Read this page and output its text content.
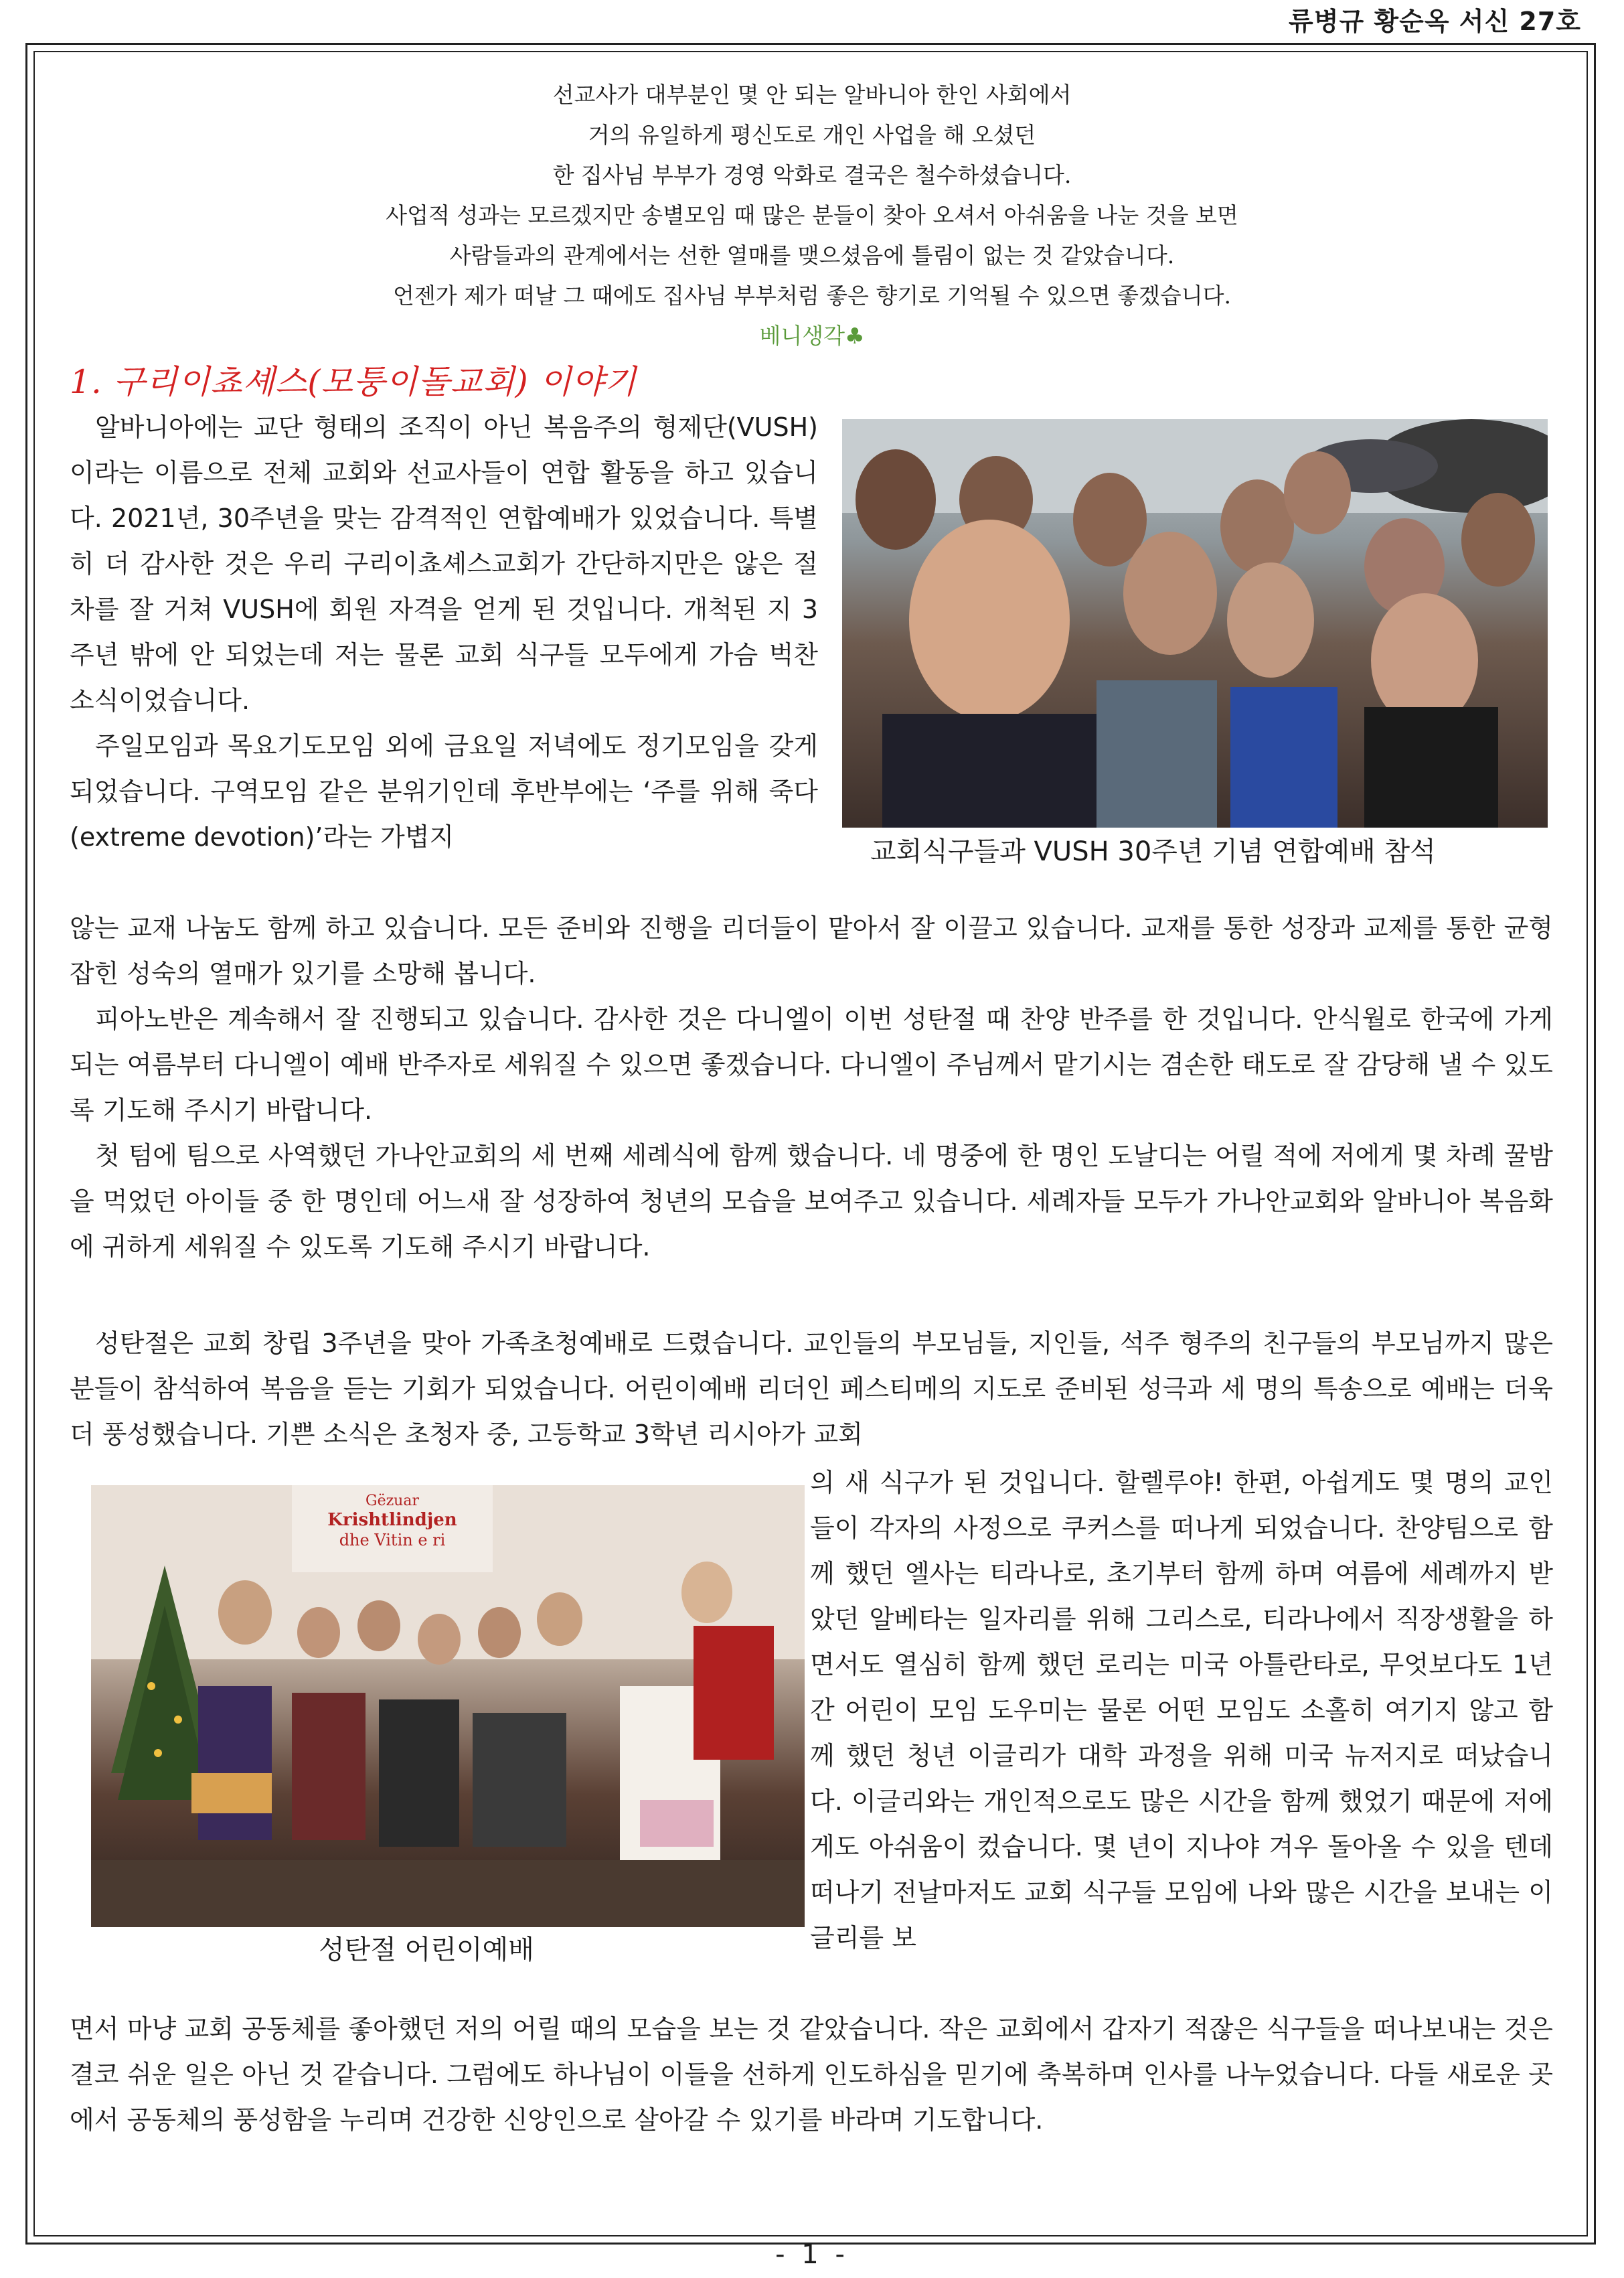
류병규 황순옥 서신 27호

선교사가 대부분인 몇 안 되는 알바니아 한인 사회에서

거의 유일하게 평신도로 개인 사업을 해 오셨던

한 집사님 부부가 경영 악화로 결국은 철수하셨습니다.

사업적 성과는 모르겠지만 송별모임 때 많은 분들이 찾아 오셔서 아쉬움을 나눈 것을 보면

사람들과의 관계에서는 선한 열매를 맺으셨음에 틀림이 없는 것 같았습니다.

언젠가 제가 떠날 그 때에도 집사님 부부처럼 좋은 향기로 기억될 수 있으면 좋겠습니다.

베니생각♣

1. 구리이쵸셰스(모퉁이돌교회) 이야기

알바니아에는 교단 형태의 조직이 아닌 복음주의 형제단(VUSH)이라는 이름으로 전체 교회와 선교사들이 연합 활동을 하고 있습니다. 2021년, 30주년을 맞는 감격적인 연합예배가 있었습니다. 특별히 더 감사한 것은 우리 구리이쵸셰스교회가 간단하지만은 않은 절차를 잘 거쳐 VUSH에 회원 자격을 얻게 된 것입니다. 개척된 지 3주년 밖에 안 되었는데 저는 물론 교회 식구들 모두에게 가슴 벅찬 소식이었습니다.

주일모임과 목요기도모임 외에 금요일 저녁에도 정기모임을 갖게 되었습니다. 구역모임 같은 분위기인데 후반부에는 ‘주를 위해 죽다(extreme devotion)’라는 가볍지	교회식구들과 VUSH 30주년 기념 연합예배 참석

않는 교재 나눔도 함께 하고 있습니다. 모든 준비와 진행을 리더들이 맡아서 잘 이끌고 있습니다. 교재를 통한 성장과 교제를 통한 균형 잡힌 성숙의 열매가 있기를 소망해 봅니다.

피아노반은 계속해서 잘 진행되고 있습니다. 감사한 것은 다니엘이 이번 성탄절 때 찬양 반주를 한 것입니다. 안식월로 한국에 가게 되는 여름부터 다니엘이 예배 반주자로 세워질 수 있으면 좋겠습니다. 다니엘이 주님께서 맡기시는 겸손한 태도로 잘 감당해 낼 수 있도록 기도해 주시기 바랍니다.

첫 텀에 팀으로 사역했던 가나안교회의 세 번째 세례식에 함께 했습니다. 네 명중에 한 명인 도날디는 어릴 적에 저에게 몇 차례 꿀밤을 먹었던 아이들 중 한 명인데 어느새 잘 성장하여 청년의 모습을 보여주고 있습니다. 세례자들 모두가 가나안교회와 알바니아 복음화에 귀하게 세워질 수 있도록 기도해 주시기 바랍니다.

성탄절은 교회 창립 3주년을 맞아 가족초청예배로 드렸습니다. 교인들의 부모님들, 지인들, 석주 형주의 친구들의 부모님까지 많은 분들이 참석하여 복음을 듣는 기회가 되었습니다. 어린이예배 리더인 페스티메의 지도로 준비된 성극과 세 명의 특송으로 예배는 더욱 더 풍성했습니다. 기쁜 소식은 초청자 중, 고등학교 3학년 리시아가 교회

Gëzuar
Krishtlindjen
dhe Vitin e ri
성탄절 어린이예배

의 새 식구가 된 것입니다. 할렐루야! 한편, 아쉽게도 몇 명의 교인들이 각자의 사정으로 쿠커스를 떠나게 되었습니다. 찬양팀으로 함께 했던 엘사는 티라나로, 초기부터 함께 하며 여름에 세례까지 받았던 알베타는 일자리를 위해 그리스로, 티라나에서 직장생활을 하면서도 열심히 함께 했던 로리는 미국 아틀란타로, 무엇보다도 1년간 어린이 모임 도우미는 물론 어떤 모임도 소홀히 여기지 않고 함께 했던 청년 이글리가 대학 과정을 위해 미국 뉴저지로 떠났습니다. 이글리와는 개인적으로도 많은 시간을 함께 했었기 때문에 저에게도 아쉬움이 컸습니다. 몇 년이 지나야 겨우 돌아올 수 있을 텐데 떠나기 전날마저도 교회 식구들 모임에 나와 많은 시간을 보내는 이글리를 보

면서 마냥 교회 공동체를 좋아했던 저의 어릴 때의 모습을 보는 것 같았습니다. 작은 교회에서 갑자기 적잖은 식구들을 떠나보내는 것은 결코 쉬운 일은 아닌 것 같습니다. 그럼에도 하나님이 이들을 선하게 인도하심을 믿기에 축복하며 인사를 나누었습니다. 다들 새로운 곳에서 공동체의 풍성함을 누리며 건강한 신앙인으로 살아갈 수 있기를 바라며 기도합니다.

- 1 -
